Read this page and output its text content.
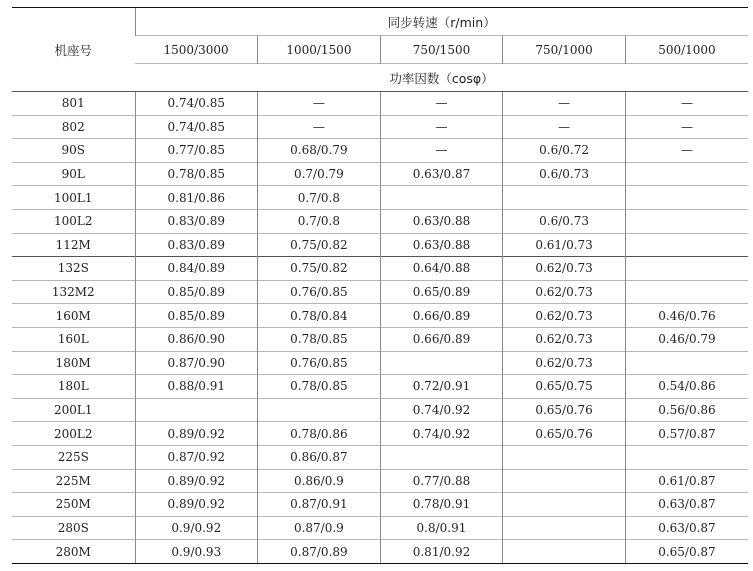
机座号	同步转速（r/min）				
	1500/3000	1000/1500	750/1500	750/1000	500/1000
	功率因数（cosφ）				
801	0.74/0.85	—	—	—	—
802	0.74/0.85	—	—	—	—
90S	0.77/0.85	0.68/0.79	—	0.6/0.72	—
90L	0.78/0.85	0.7/0.79	0.63/0.87	0.6/0.73	
100L1	0.81/0.86	0.7/0.8			
100L2	0.83/0.89	0.7/0.8	0.63/0.88	0.6/0.73	
112M	0.83/0.89	0.75/0.82	0.63/0.88	0.61/0.73	
132S	0.84/0.89	0.75/0.82	0.64/0.88	0.62/0.73	
132M2	0.85/0.89	0.76/0.85	0.65/0.89	0.62/0.73	
160M	0.85/0.89	0.78/0.84	0.66/0.89	0.62/0.73	0.46/0.76
160L	0.86/0.90	0.78/0.85	0.66/0.89	0.62/0.73	0.46/0.79
180M	0.87/0.90	0.76/0.85		0.62/0.73	
180L	0.88/0.91	0.78/0.85	0.72/0.91	0.65/0.75	0.54/0.86
200L1			0.74/0.92	0.65/0.76	0.56/0.86
200L2	0.89/0.92	0.78/0.86	0.74/0.92	0.65/0.76	0.57/0.87
225S	0.87/0.92	0.86/0.87			
225M	0.89/0.92	0.86/0.9	0.77/0.88		0.61/0.87
250M	0.89/0.92	0.87/0.91	0.78/0.91		0.63/0.87
280S	0.9/0.92	0.87/0.9	0.8/0.91		0.63/0.87
280M	0.9/0.93	0.87/0.89	0.81/0.92		0.65/0.87
